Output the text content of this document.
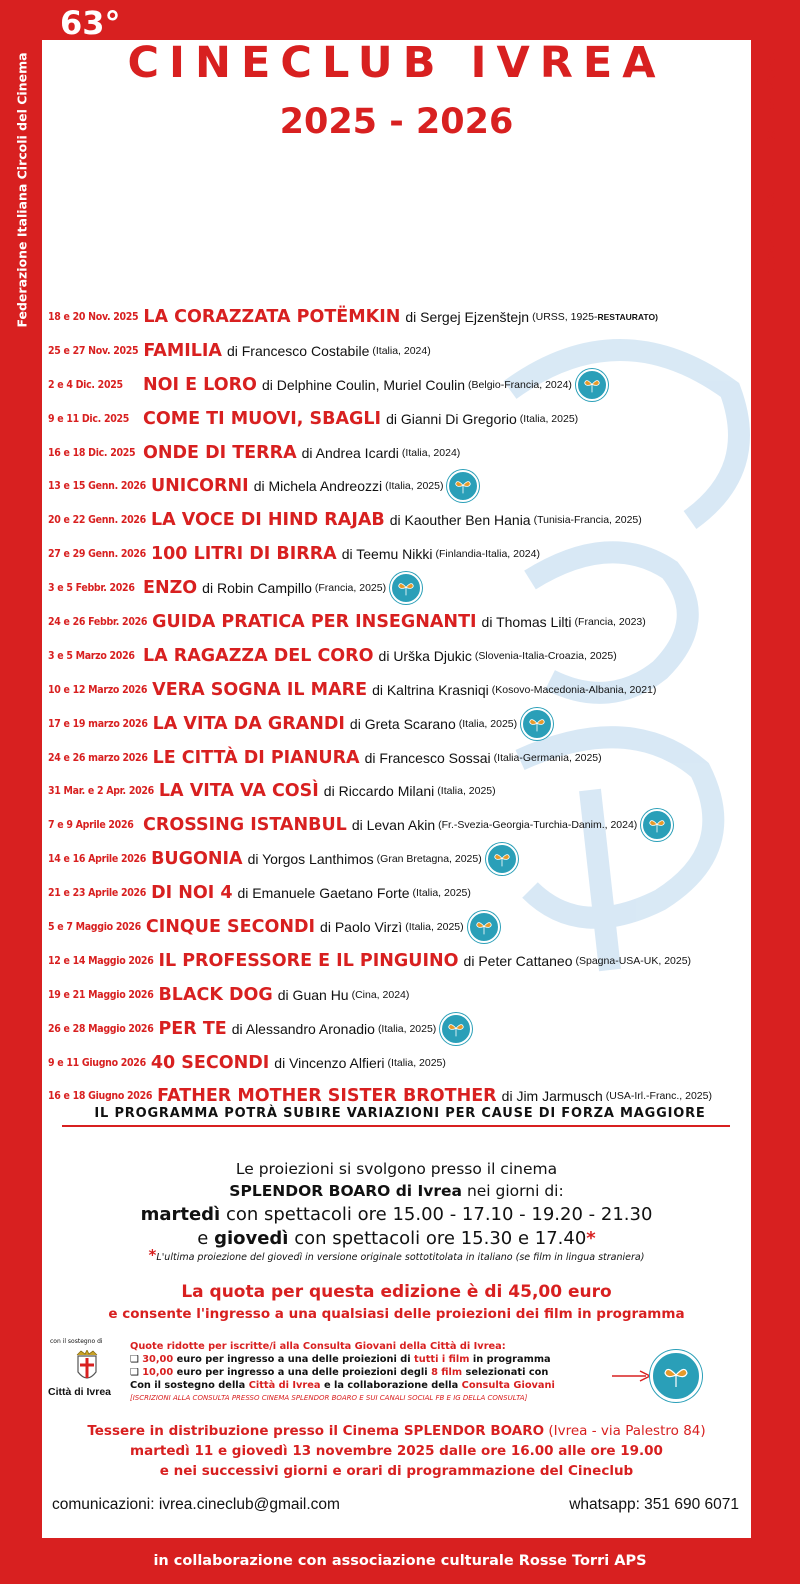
63°
CINECLUB IVREA
2025 - 2026
Federazione Italiana Circoli del Cinema	LXIII edizione
2025 - 2026
18 e 20 Nov. 2025 LA CORAZZATA POTËMKIN di Sergej Ejzenštejn (URSS, 1925- RESTAURATO)
25 e 27 Nov. 2025 FAMILIA di Francesco Costabile (Italia, 2024)
2 e 4 Dic. 2025	NOI E LORO di Delphine Coulin, Muriel Coulin (Belgio-Francia, 2024)
9 e 11 Dic. 2025 COME TI MUOVI, SBAGLI di Gianni Di Gregorio (Italia, 2025)
16 e 18 Dic. 2025 ONDE DI TERRA di Andrea Icardi (Italia, 2024)
13 e 15 Genn. 2026 UNICORNI di Michela Andreozzi (Italia, 2025)
20 e 22 Genn. 2026 LA VOCE DI HIND RAJAB di Kaouther Ben Hania (Tunisia-Francia, 2025)
27 e 29 Genn. 2026 100 LITRI DI BIRRA di Teemu Nikki (Finlandia-Italia, 2024)
3 e 5 Febbr. 2026 ENZO di Robin Campillo (Francia, 2025)
24 e 26 Febbr. 2026 GUIDA PRATICA PER INSEGNANTI di Thomas Lilti (Francia, 2023)
3 e 5 Marzo 2026 LA RAGAZZA DEL CORO di Urška Djukic (Slovenia-Italia-Croazia, 2025)
10 e 12 Marzo 2026 VERA SOGNA IL MARE di Kaltrina Krasniqi (Kosovo-Macedonia-Albania, 2021)
17 e 19 marzo 2026 LA VITA DA GRANDI di Greta Scarano (Italia, 2025)
24 e 26 marzo 2026 LE CITTÀ DI PIANURA di Francesco Sossai (Italia-Germania, 2025)
31 Mar. e 2 Apr. 2026 LA VITA VA COSÌ di Riccardo Milani (Italia, 2025)
7 e 9 Aprile 2026 CROSSING ISTANBUL di Levan Akin (Fr.-Svezia-Georgia-Turchia-Danim., 2024)
14 e 16 Aprile 2026 BUGONIA di Yorgos Lanthimos (Gran Bretagna, 2025)
21 e 23 Aprile 2026 DI NOI 4 di Emanuele Gaetano Forte (Italia, 2025)
5 e 7 Maggio 2026 CINQUE SECONDI di Paolo Virzì (Italia, 2025)
12 e 14 Maggio 2026 IL PROFESSORE E IL PINGUINO di Peter Cattaneo (Spagna-USA-UK, 2025)
19 e 21 Maggio 2026 BLACK DOG di Guan Hu (Cina, 2024)
26 e 28 Maggio 2026 PER TE di Alessandro Aronadio (Italia, 2025)
9 e 11 Giugno 2026 40 SECONDI di Vincenzo Alfieri (Italia, 2025)
16 e 18 Giugno 2026 FATHER MOTHER SISTER BROTHER di Jim Jarmusch (USA-Irl.-Franc., 2025)
IL PROGRAMMA POTRÀ SUBIRE VARIAZIONI PER CAUSE DI FORZA MAGGIORE
Le proiezioni si svolgono presso il cinema
SPLENDOR BOARO di Ivrea nei giorni di:
martedì con spettacoli ore 15.00 - 17.10 - 19.20 - 21.30
e giovedì con spettacoli ore 15.30 e 17.40*
*L'ultima proiezione del giovedì in versione originale sottotitolata in italiano (se film in lingua straniera)
La quota per questa edizione è di 45,00 euro
e consente l'ingresso a una qualsiasi delle proiezioni dei film in programma
con il sostegno di
Città di Ivrea
Quote ridotte per iscritte/i alla Consulta Giovani della Città di Ivrea:
❑ 30,00 euro per ingresso a una delle proiezioni di tutti i film in programma
❑ 10,00 euro per ingresso a una delle proiezioni degli 8 film selezionati con
Con il sostegno della Città di Ivrea e la collaborazione della Consulta Giovani
[ISCRIZIONI ALLA CONSULTA PRESSO CINEMA SPLENDOR BOARO E SUI CANALI SOCIAL FB E IG DELLA CONSULTA]
Tessere in distribuzione presso il Cinema SPLENDOR BOARO (Ivrea - via Palestro 84)
martedì 11 e giovedì 13 novembre 2025 dalle ore 16.00 alle ore 19.00
e nei successivi giorni e orari di programmazione del Cineclub
comunicazioni: ivrea.cineclub@gmail.com	whatsapp: 351 690 6071
in collaborazione con associazione culturale Rosse Torri APS
